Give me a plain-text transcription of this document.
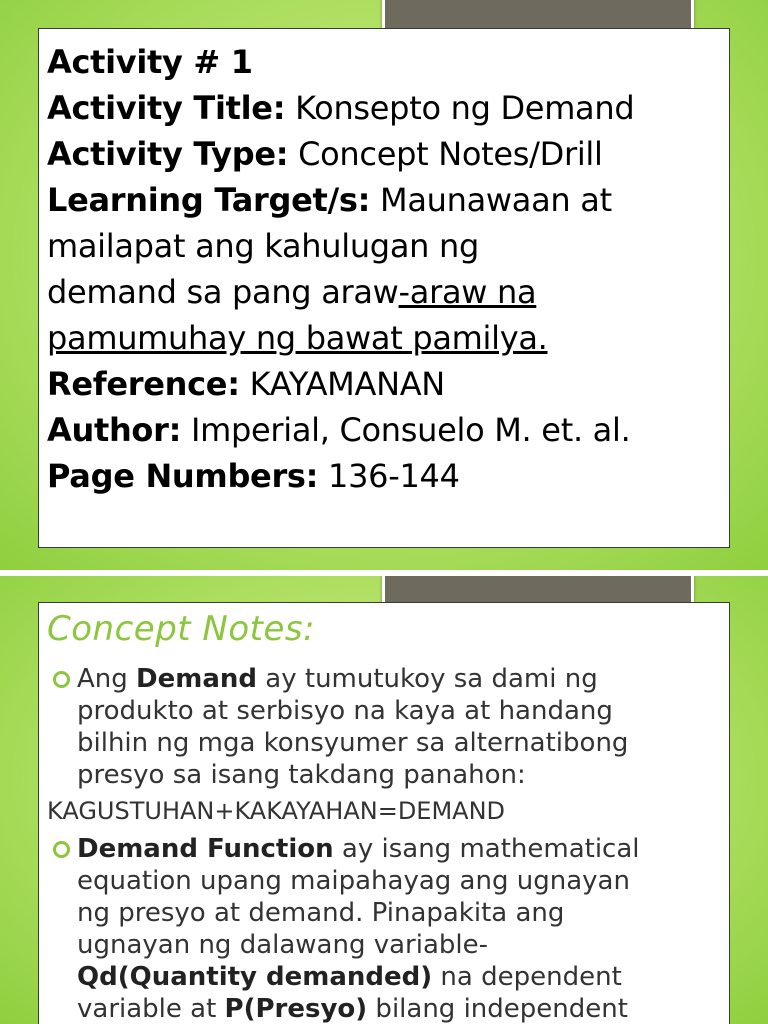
Activity # 1
Activity Title: Konsepto ng Demand
Activity Type: Concept Notes/Drill
Learning Target/s: Maunawaan at
mailapat ang kahulugan ng
demand sa pang araw-araw na
pamumuhay ng bawat pamilya.
Reference: KAYAMANAN
Author: Imperial, Consuelo M. et. al.
Page Numbers: 136-144
Concept Notes:
Ang Demand ay tumutukoy sa dami ng
produkto at serbisyo na kaya at handang
bilhin ng mga konsyumer sa alternatibong
presyo sa isang takdang panahon:
KAGUSTUHAN+KAKAYAHAN=DEMAND
Demand Function ay isang mathematical
equation upang maipahayag ang ugnayan
ng presyo at demand. Pinapakita ang
ugnayan ng dalawang variable-
Qd(Quantity demanded) na dependent
variable at P(Presyo) bilang independent
